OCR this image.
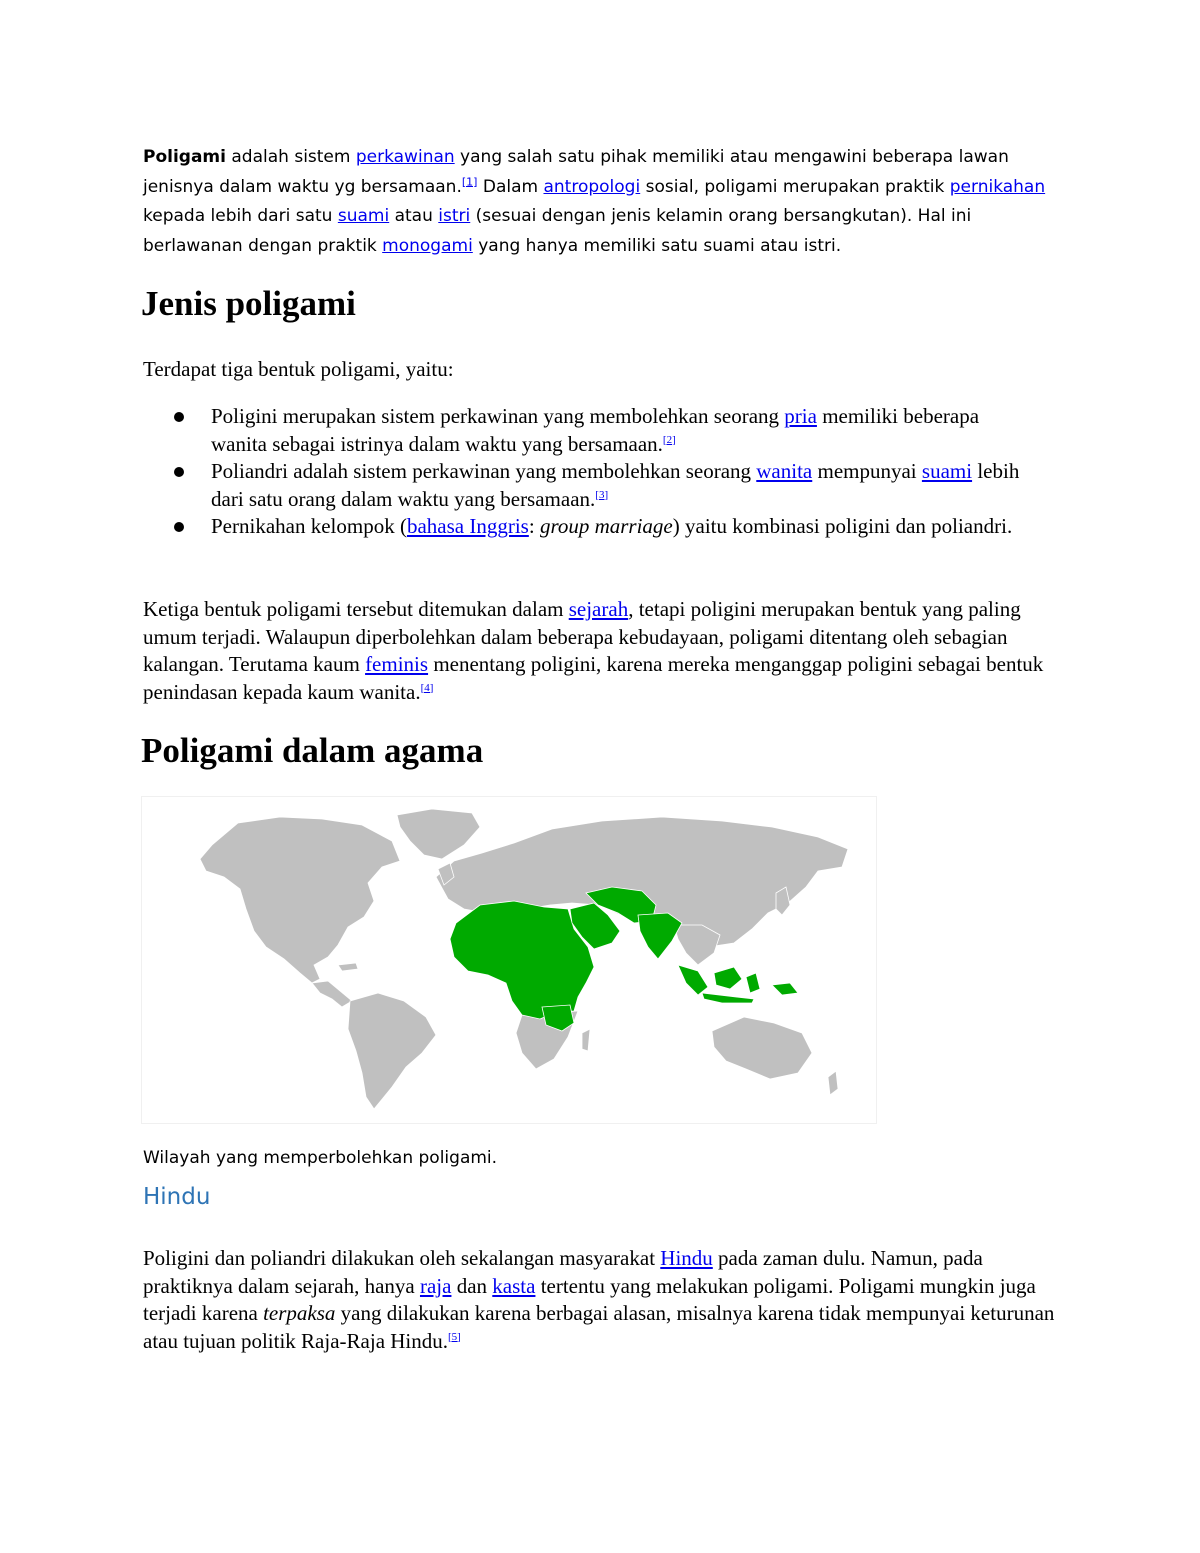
Poligami adalah sistem perkawinan yang salah satu pihak memiliki atau mengawini beberapa lawan jenisnya dalam waktu yg bersamaan.[1] Dalam antropologi sosial, poligami merupakan praktik pernikahan kepada lebih dari satu suami atau istri (sesuai dengan jenis kelamin orang bersangkutan). Hal ini berlawanan dengan praktik monogami yang hanya memiliki satu suami atau istri.

Jenis poligami

Terdapat tiga bentuk poligami, yaitu:

Poligini merupakan sistem perkawinan yang membolehkan seorang pria memiliki beberapa wanita sebagai istrinya dalam waktu yang bersamaan.[2]
Poliandri adalah sistem perkawinan yang membolehkan seorang wanita mempunyai suami lebih dari satu orang dalam waktu yang bersamaan.[3]
Pernikahan kelompok (bahasa Inggris: group marriage) yaitu kombinasi poligini dan poliandri.

Ketiga bentuk poligami tersebut ditemukan dalam sejarah, tetapi poligini merupakan bentuk yang paling umum terjadi. Walaupun diperbolehkan dalam beberapa kebudayaan, poligami ditentang oleh sebagian kalangan. Terutama kaum feminis menentang poligini, karena mereka menganggap poligini sebagai bentuk penindasan kepada kaum wanita.[4]

Poligami dalam agama
Wilayah yang memperbolehkan poligami.
Hindu

Poligini dan poliandri dilakukan oleh sekalangan masyarakat Hindu pada zaman dulu. Namun, pada praktiknya dalam sejarah, hanya raja dan kasta tertentu yang melakukan poligami. Poligami mungkin juga terjadi karena terpaksa yang dilakukan karena berbagai alasan, misalnya karena tidak mempunyai keturunan atau tujuan politik Raja-Raja Hindu.[5]
